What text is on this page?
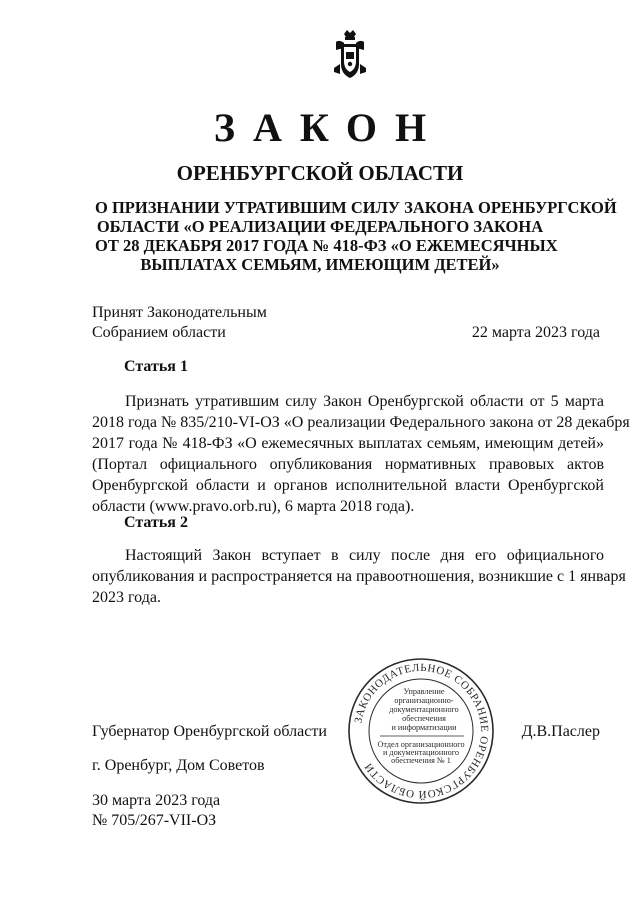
ЗАКОН
ОРЕНБУРГСКОЙ ОБЛАСТИ
О ПРИЗНАНИИ УТРАТИВШИМ СИЛУ ЗАКОНА ОРЕНБУРГСКОЙ
ОБЛАСТИ «О РЕАЛИЗАЦИИ ФЕДЕРАЛЬНОГО ЗАКОНА
ОТ 28 ДЕКАБРЯ 2017 ГОДА № 418-ФЗ «О ЕЖЕМЕСЯЧНЫХ
ВЫПЛАТАХ СЕМЬЯМ, ИМЕЮЩИМ ДЕТЕЙ»
Принят Законодательным
Собранием области	22 марта 2023 года
Статья 1
Признать утратившим силу Закон Оренбургской области от 5 марта
2018 года № 835/210-VI-ОЗ «О реализации Федерального закона от 28 декабря
2017 года № 418-ФЗ «О ежемесячных выплатах семьям, имеющим детей»
(Портал официального опубликования нормативных правовых актов
Оренбургской области и органов исполнительной власти Оренбургской
области (www.pravo.orb.ru), 6 марта 2018 года).
Статья 2
Настоящий Закон вступает в силу после дня его официального
опубликования и распространяется на правоотношения, возникшие с 1 января
2023 года.
Губернатор Оренбургской области	Д.В.Паслер
г. Оренбург, Дом Советов
30 марта 2023 года
№ 705/267-VII-ОЗ
ЗАКОНОДАТЕЛЬНОЕ СОБРАНИЕ ОРЕНБУРГСКОЙ ОБЛАСТИ
Управление
организационно-
документационного
обеспечения
и информатизации
Отдел организационного
и документационного
обеспечения № 1
